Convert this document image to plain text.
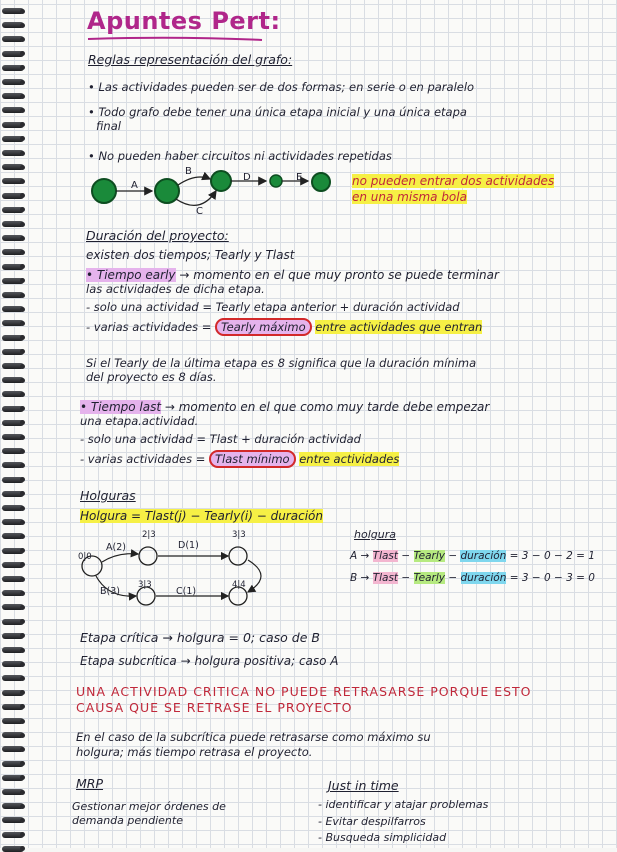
Apuntes Pert:
Reglas representación del grafo:
• Las actividades pueden ser de dos formas; en serie o en paralelo
• Todo grafo debe tener una única etapa inicial y una única etapa
final
• No pueden haber circuitos ni actividades repetidas
A
B
C
D	E	no pueden entrar dos actividades
en una misma bola
Duración del proyecto:
existen dos tiempos; Tearly y Tlast
• Tiempo early → momento en el que muy pronto se puede terminar
las actividades de dicha etapa.
- solo una actividad = Tearly etapa anterior + duración actividad
- varias actividades = Tearly máximo entre actividades que entran
Si el Tearly de la última etapa es 8 significa que la duración mínima
del proyecto es 8 días.
• Tiempo last → momento en el que como muy tarde debe empezar
una etapa.actividad.
- solo una actividad = Tlast + duración actividad
- varias actividades = Tlast mínimo entre actividades
Holguras
Holgura = Tlast(j) − Tearly(i) − duración
0|0
2|3	3|3
3|3	4|4
A(2)	D(1)
B(3)	C(1)
holgura
A → Tlast − Tearly − duración = 3 − 0 − 2 = 1
B → Tlast − Tearly − duración = 3 − 0 − 3 = 0
Etapa crítica → holgura = 0; caso de B
Etapa subcrítica → holgura positiva; caso A
UNA ACTIVIDAD CRITICA NO PUEDE RETRASARSE PORQUE ESTO
CAUSA QUE SE RETRASE EL PROYECTO
En el caso de la subcrítica puede retrasarse como máximo su
holgura; más tiempo retrasa el proyecto.
MRP
Gestionar mejor órdenes de
demanda pendiente
Just in time
- identificar y atajar problemas
- Evitar despilfarros
- Busqueda simplicidad
